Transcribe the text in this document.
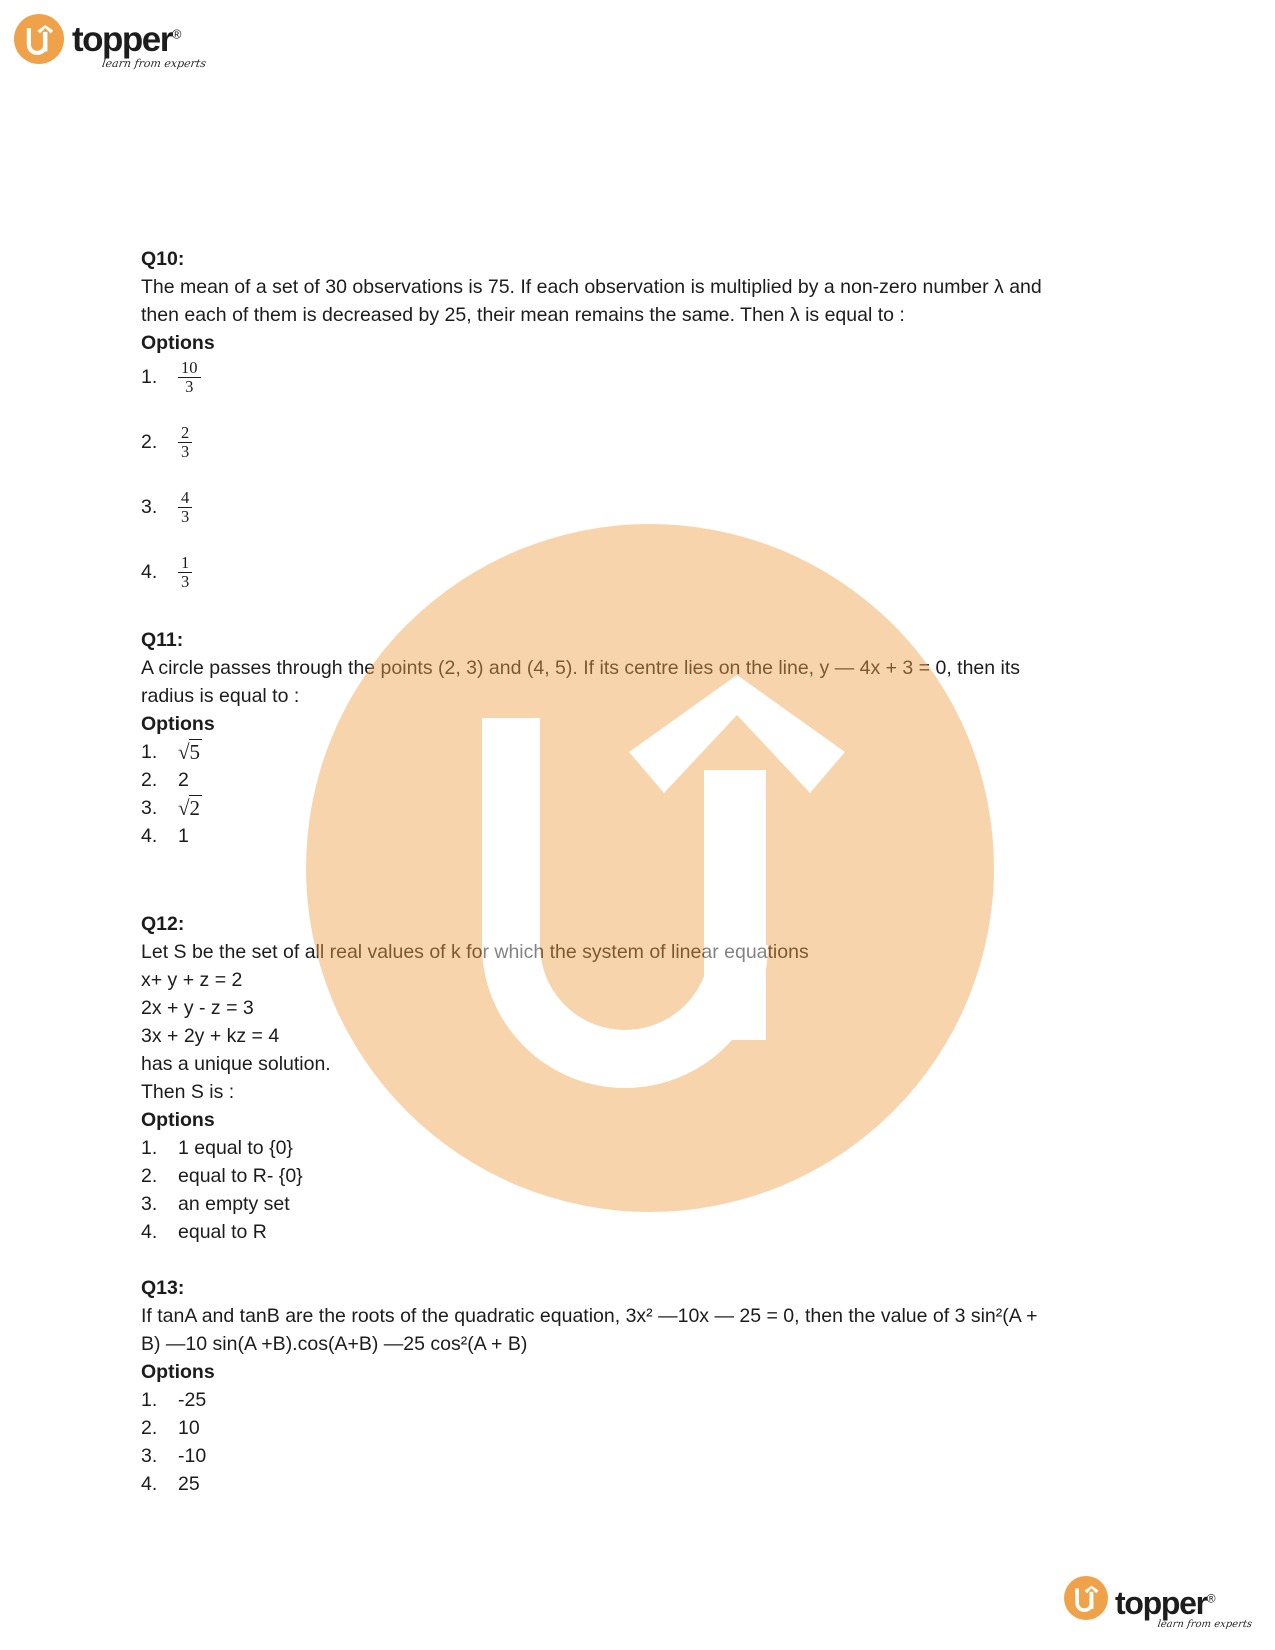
topper®
learn from experts
Q10:
The mean of a set of 30 observations is 75. If each observation is multiplied by a non-zero number λ and
then each of them is decreased by 25, their mean remains the same. Then λ is equal to :
Options
1.	$\frac{10}{3}$
2.	$\frac{2}{3}$
3.	$\frac{4}{3}$
4.	$\frac{1}{3}$
Q11:
A circle passes through the points (2, 3) and (4, 5). If its centre lies on the line, y — 4x + 3 = 0, then its
radius is equal to :
Options
1. √5
2.	2
3. √2
4.	1
Q12:
Let S be the set of all real values of k for which the system of linear equations
x+ y + z = 2
2x + y - z = 3
3x + 2y + kz = 4
has a unique solution.
Then S is :
Options
1.	1 equal to {0}
2.	equal to R- {0}
3.	an empty set
4.	equal to R
Q13:
If tanA and tanB are the roots of the quadratic equation, 3x² —10x — 25 = 0, then the value of 3 sin²(A +
B) —10 sin(A +B).cos(A+B) —25 cos²(A + B)
Options
1.	-25
2.	10
3.	-10
4.	25
topper®
learn from experts
